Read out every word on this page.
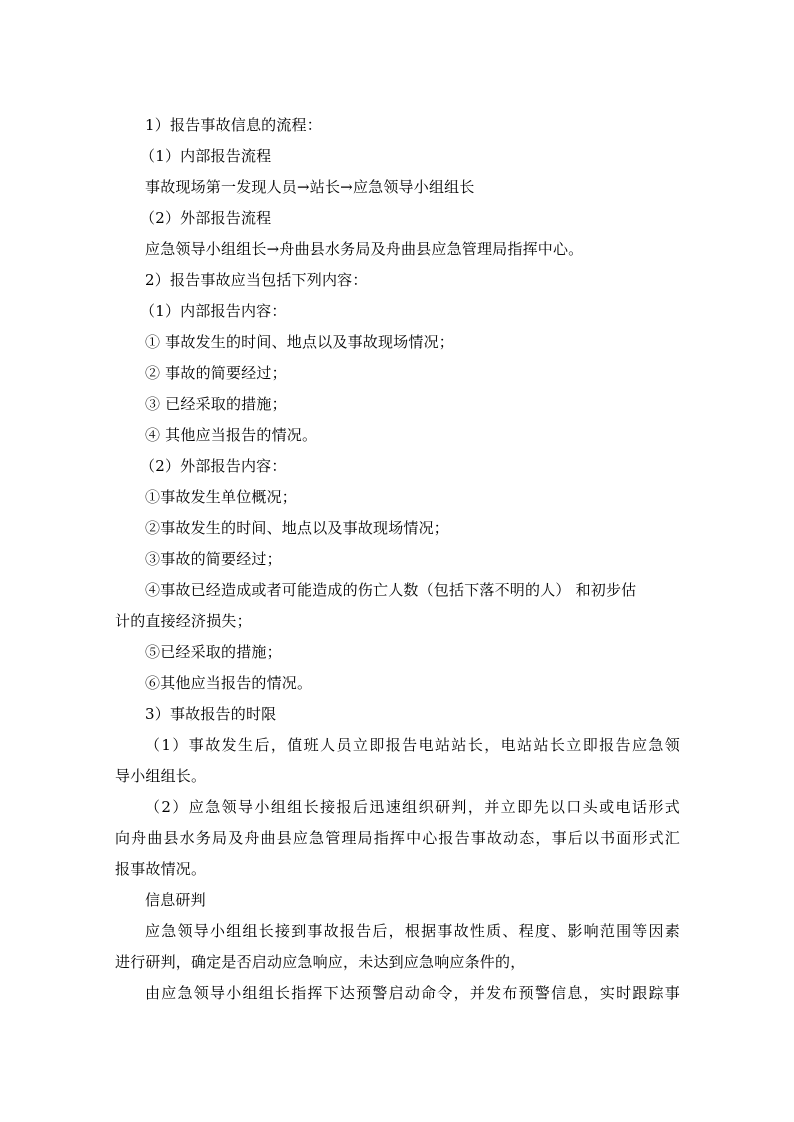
1）报告事故信息的流程：
（1）内部报告流程
事故现场第一发现人员→站长→应急领导小组组长
（2）外部报告流程
应急领导小组组长→舟曲县水务局及舟曲县应急管理局指挥中心。
2）报告事故应当包括下列内容：
（1）内部报告内容：
① 事故发生的时间、地点以及事故现场情况；
② 事故的简要经过；
③ 已经采取的措施；
④ 其他应当报告的情况。
（2）外部报告内容：
①事故发生单位概况；
②事故发生的时间、地点以及事故现场情况；
③事故的简要经过；
④事故已经造成或者可能造成的伤亡人数（包括下落不明的人） 和初步估
计的直接经济损失；
⑤已经采取的措施；
⑥其他应当报告的情况。
3）事故报告的时限
（1）事故发生后，值班人员立即报告电站站长，电站站长立即报告应急领
导小组组长。
（2）应急领导小组组长接报后迅速组织研判，并立即先以口头或电话形式
向舟曲县水务局及舟曲县应急管理局指挥中心报告事故动态，事后以书面形式汇
报事故情况。
信息研判
应急领导小组组长接到事故报告后，根据事故性质、程度、影响范围等因素
进行研判，确定是否启动应急响应，未达到应急响应条件的，
由应急领导小组组长指挥下达预警启动命令，并发布预警信息，实时跟踪事
